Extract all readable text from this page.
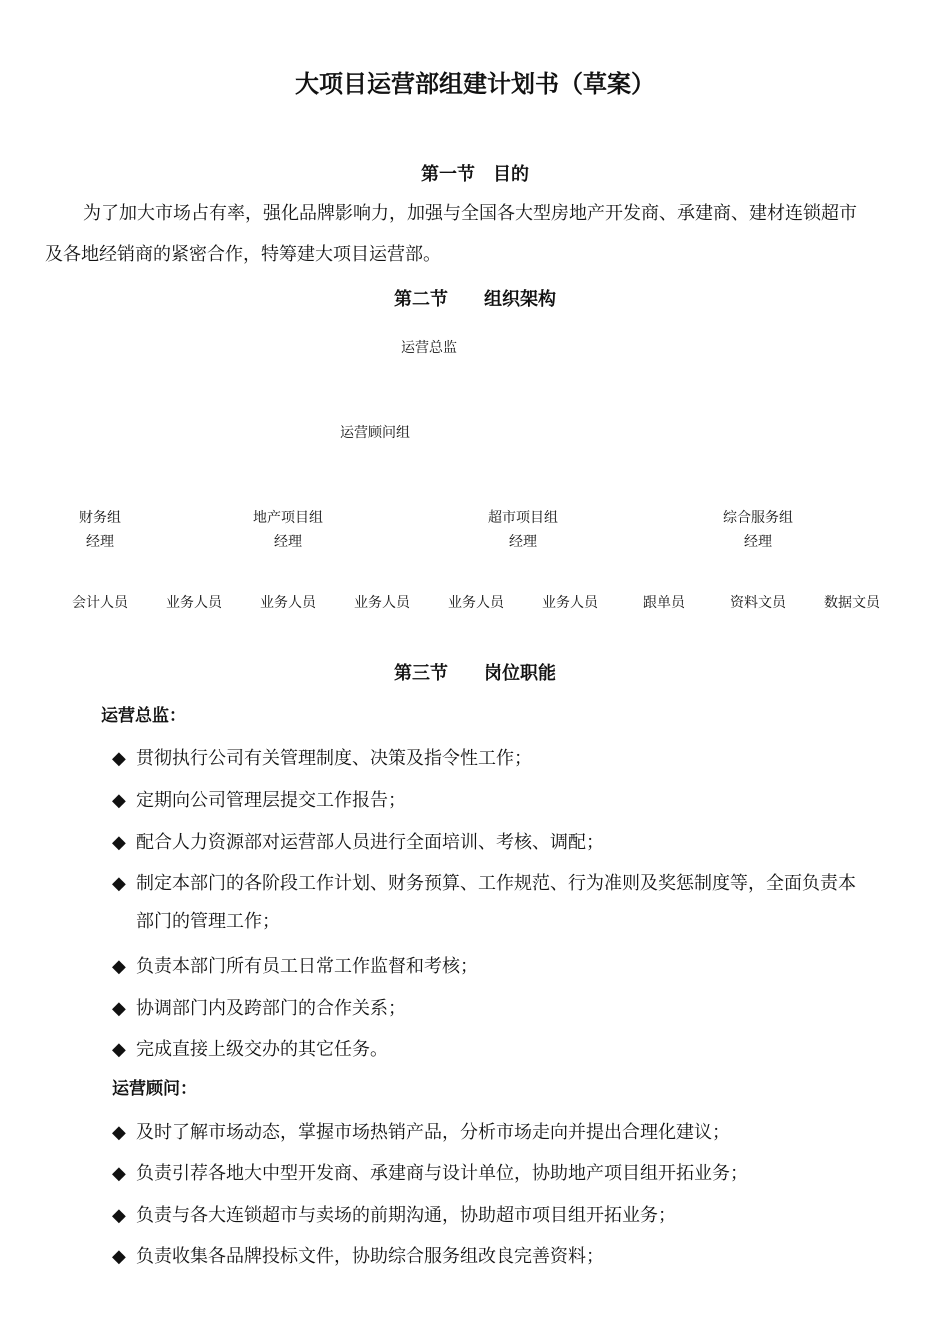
大项目运营部组建计划书（草案）
第一节　目的
为了加大市场占有率，强化品牌影响力，加强与全国各大型房地产开发商、承建商、建材连锁超市
及各地经销商的紧密合作，特筹建大项目运营部。
第二节　　组织架构
运营总监
运营顾问组
财务组
经理
地产项目组
经理
超市项目组
经理
综合服务组
经理
会计人员	业务人员	业务人员	业务人员	业务人员	业务人员	跟单员	资料文员	数据文员
第三节　　岗位职能
运营总监：
◆ 贯彻执行公司有关管理制度、决策及指令性工作；
◆ 定期向公司管理层提交工作报告；
◆ 配合人力资源部对运营部人员进行全面培训、考核、调配；
◆ 制定本部门的各阶段工作计划、财务预算、工作规范、行为准则及奖惩制度等，全面负责本
部门的管理工作；
◆ 负责本部门所有员工日常工作监督和考核；
◆ 协调部门内及跨部门的合作关系；
◆ 完成直接上级交办的其它任务。
运营顾问：
◆ 及时了解市场动态，掌握市场热销产品，分析市场走向并提出合理化建议；
◆ 负责引荐各地大中型开发商、承建商与设计单位，协助地产项目组开拓业务；
◆ 负责与各大连锁超市与卖场的前期沟通，协助超市项目组开拓业务；
◆ 负责收集各品牌投标文件，协助综合服务组改良完善资料；
